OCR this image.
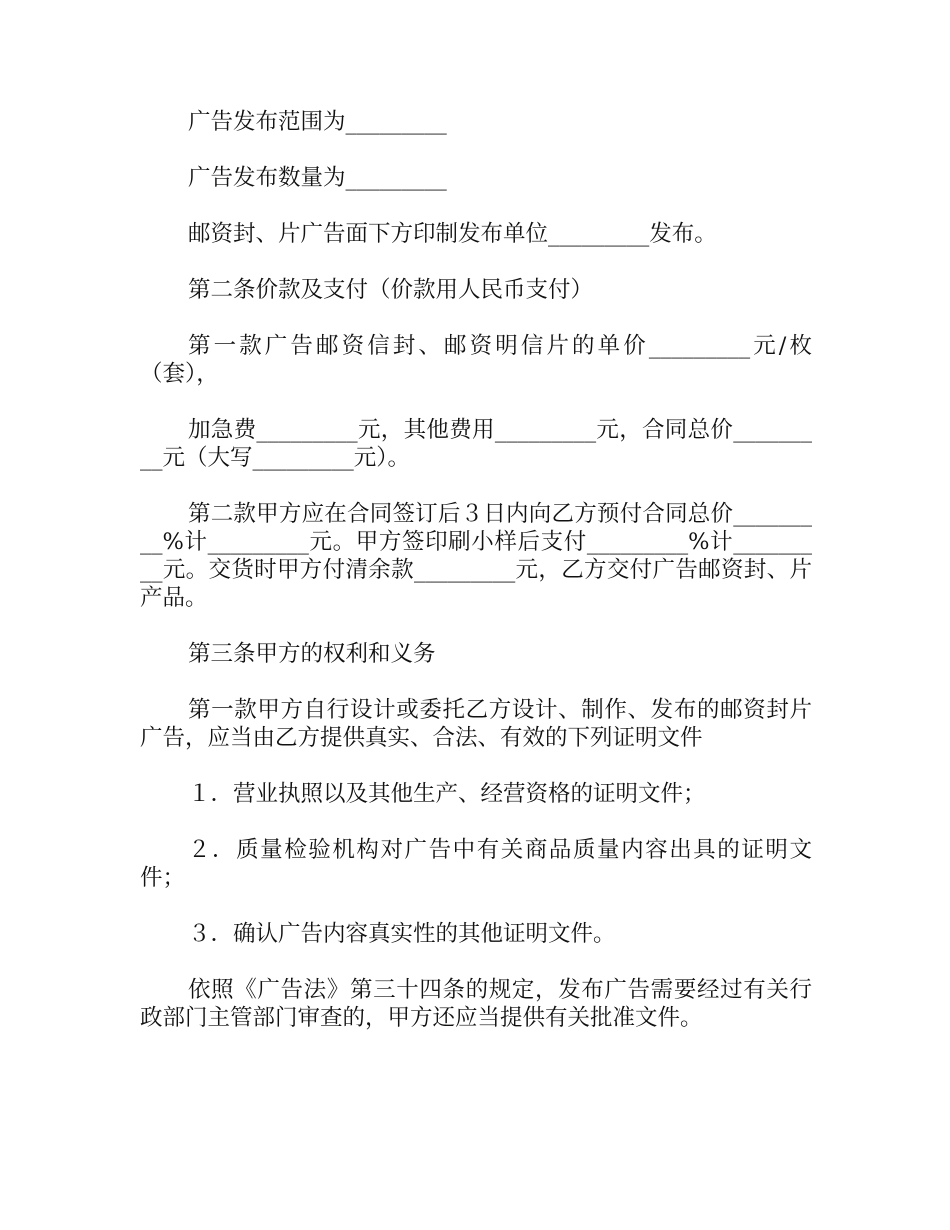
广告发布范围为_________

广告发布数量为_________

邮资封、片广告面下方印制发布单位_________发布。

第二条价款及支付（价款用人民币支付）

第一款广告邮资信封、邮资明信片的单价_________元/枚（套），

加急费_________元，其他费用_________元，合同总价_________元（大写_________元）。

第二款甲方应在合同签订后３日内向乙方预付合同总价_________%计_________元。甲方签印刷小样后支付_________%计_________元。交货时甲方付清余款_________元，乙方交付广告邮资封、片产品。

第三条甲方的权利和义务

第一款甲方自行设计或委托乙方设计、制作、发布的邮资封片广告，应当由乙方提供真实、合法、有效的下列证明文件

１．营业执照以及其他生产、经营资格的证明文件；

２．质量检验机构对广告中有关商品质量内容出具的证明文件；

３．确认广告内容真实性的其他证明文件。

依照《广告法》第三十四条的规定，发布广告需要经过有关行政部门主管部门审查的，甲方还应当提供有关批准文件。
